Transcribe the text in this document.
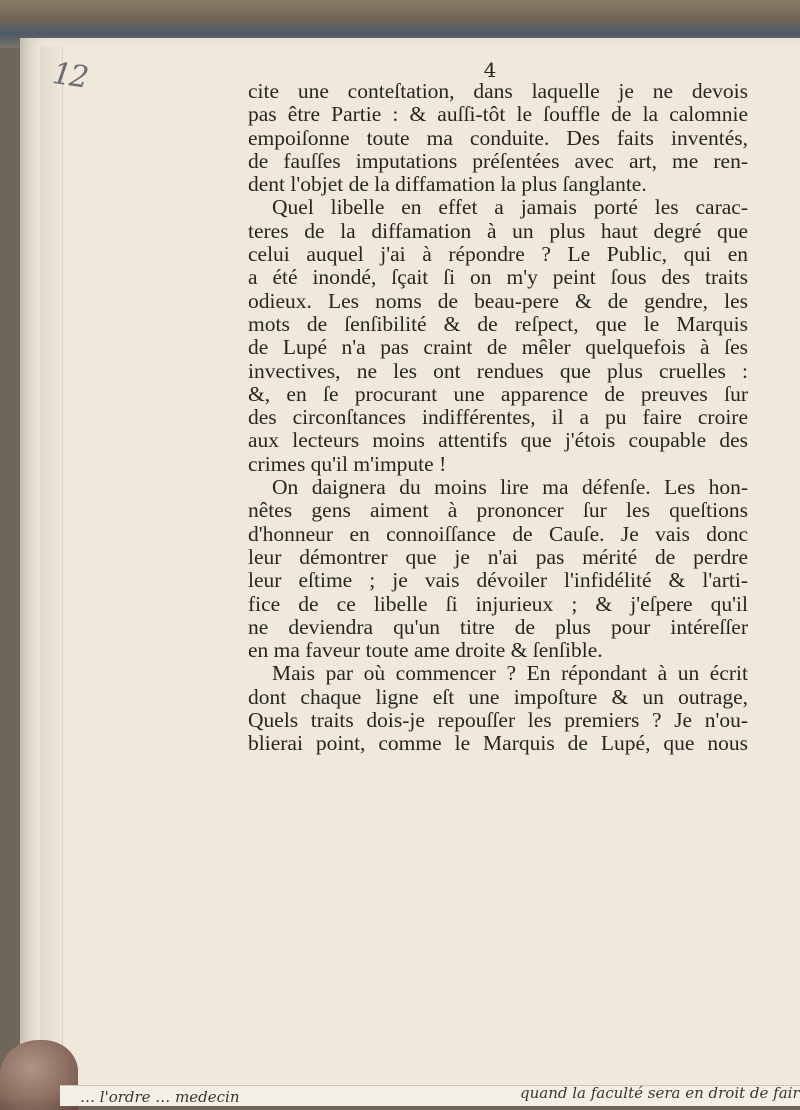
12	4
cite une conteſtation, dans laquelle je ne devois
pas être Partie : & auſſi-tôt le ſouffle de la calomnie
empoiſonne toute ma conduite. Des faits inventés,
de fauſſes imputations préſentées avec art, me ren-
dent l'objet de la diffamation la plus ſanglante.
Quel libelle en effet a jamais porté les carac-
teres de la diffamation à un plus haut degré que
celui auquel j'ai à répondre ? Le Public, qui en
a été inondé, ſçait ſi on m'y peint ſous des traits
odieux. Les noms de beau-pere & de gendre, les
mots de ſenſibilité & de reſpect, que le Marquis
de Lupé n'a pas craint de mêler quelquefois à ſes
invectives, ne les ont rendues que plus cruelles :
&, en ſe procurant une apparence de preuves ſur
des circonſtances indifférentes, il a pu faire croire
aux lecteurs moins attentifs que j'étois coupable des
crimes qu'il m'impute !
On daignera du moins lire ma défenſe. Les hon-
nêtes gens aiment à prononcer ſur les queſtions
d'honneur en connoiſſance de Cauſe. Je vais donc
leur démontrer que je n'ai pas mérité de perdre
leur eſtime ; je vais dévoiler l'infidélité & l'arti-
fice de ce libelle ſi injurieux ; & j'eſpere qu'il
ne deviendra qu'un titre de plus pour intéreſſer
en ma faveur toute ame droite & ſenſible.
Mais par où commencer ? En répondant à un écrit
dont chaque ligne eſt une impoſture & un outrage,
Quels traits dois-je repouſſer les premiers ? Je n'ou-
blierai point, comme le Marquis de Lupé, que nous
… l'ordre … medecin	quand la faculté sera en droit de fair
